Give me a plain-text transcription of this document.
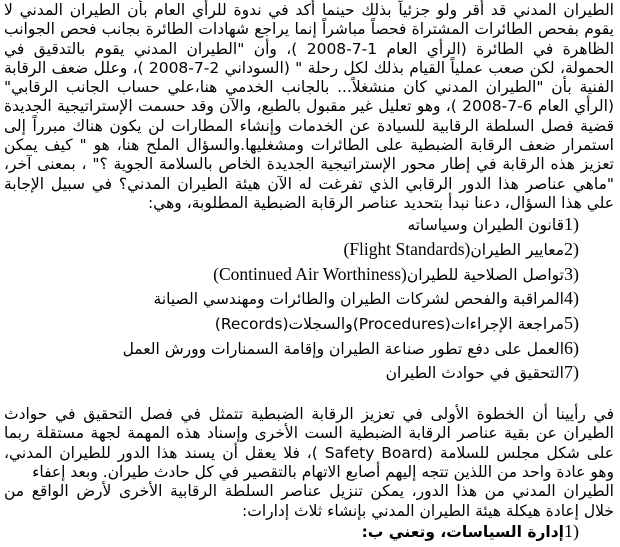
الطيران المدني قد أقر ولو جزئياً بذلك حينما أكد في ندوة للرأي العام بأن الطيران المدني لا يقوم بفحص الطائرات المشتراة فحصاً مباشراً إنما يراجع شهادات الطائرة بجانب فحص الجوانب الظاهرة في الطائرة (الرأي العام 1-7-2008 )، وأن "الطيران المدني يقوم بالتدقيق في الحمولة، لكن صعب عملياً القيام بذلك لكل رحلة " (السوداني 2-7-2008 )، وعلل ضعف الرقابة الفنية بأن "الطيران المدني كان منشغلاً... بالجانب الخدمي هنا،علي حساب الجانب الرقابي" (الرأي العام 6-7-2008 )، وهو تعليل غير مقبول بالطبع، والآن وقد حسمت الإستراتيجية الجديدة قضية فصل السلطة الرقابية للسيادة عن الخدمات وإنشاء المطارات لن يكون هناك مبرراً إلى استمرار ضعف الرقابة الضبطية على الطائرات ومشغليها.والسؤال الملح هنا، هو " كيف يمكن تعزيز هذه الرقابة في إطار محور الإستراتيجية الجديدة الخاص بالسلامة الجوية ؟" ، بمعنى آخر، "ماهي عناصر هذا الدور الرقابي الذي تفرغت له الآن هيئة الطيران المدني؟ في سبيل الإجابة علي هذا السؤال، دعنا نبدأ بتحديد عناصر الرقابة الضبطية المطلوبة، وهي:

1)
قانون الطيران وسياساته
2)
معايير الطيران
(Flight Standards)
3)
تواصل الصلاحية للطيران
(Continued Air Worthiness)
4)
المراقبة والفحص لشركات الطيران والطائرات ومهندسي الصيانة
5)
مراجعة الإجراءات(Procedures)والسجلات(Records)
6)
العمل على دفع تطور صناعة الطيران وإقامة السمنارات وورش العمل
7)
التحقيق في حوادث الطيران

في رأيينا أن الخطوة الأولى في تعزيز الرقابة الضبطية تتمثل في فصل التحقيق في حوادث الطيران عن بقية عناصر الرقابة الضبطية الست الأخرى وإسناد هذه المهمة لجهة مستقلة ربما على شكل مجلس للسلامة (Safety Board )، فلا يعقل أن يسند هذا الدور للطيران المدني، وهو عادة واحد من اللذين تتجه إليهم أصابع الاتهام بالتقصير في كل حادث طيران. وبعد إعفاء

الطيران المدني من هذا الدور، يمكن تنزيل عناصر السلطة الرقابية الأخرى لأرض الواقع من خلال إعادة هيكلة هيئة الطيران المدني بإنشاء ثلاث إدارات:

1)
إدارة السياسات، وتعني ب:
